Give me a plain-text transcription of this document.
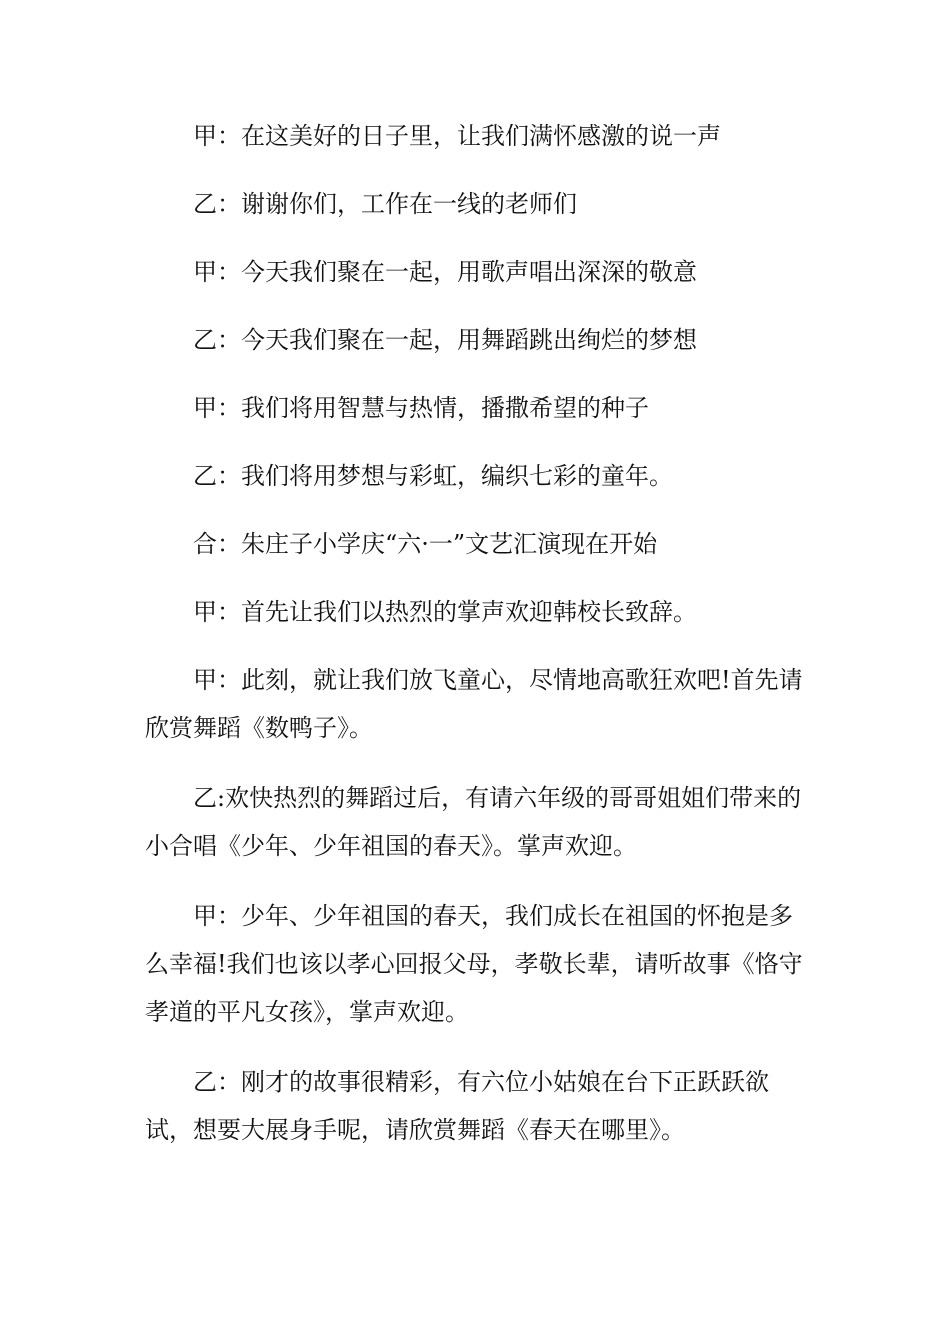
甲：在这美好的日子里，让我们满怀感激的说一声

乙：谢谢你们，工作在一线的老师们

甲：今天我们聚在一起，用歌声唱出深深的敬意

乙：今天我们聚在一起，用舞蹈跳出绚烂的梦想

甲：我们将用智慧与热情，播撒希望的种子

乙：我们将用梦想与彩虹，编织七彩的童年。

合：朱庄子小学庆“六·一”文艺汇演现在开始

甲：首先让我们以热烈的掌声欢迎韩校长致辞。

甲：此刻，就让我们放飞童心，尽情地高歌狂欢吧!首先请欣赏舞蹈《数鸭子》。

乙:欢快热烈的舞蹈过后，有请六年级的哥哥姐姐们带来的小合唱《少年、少年祖国的春天》。掌声欢迎。

甲：少年、少年祖国的春天，我们成长在祖国的怀抱是多么幸福!我们也该以孝心回报父母，孝敬长辈，请听故事《恪守孝道的平凡女孩》，掌声欢迎。

乙：刚才的故事很精彩，有六位小姑娘在台下正跃跃欲试，想要大展身手呢，请欣赏舞蹈《春天在哪里》。
